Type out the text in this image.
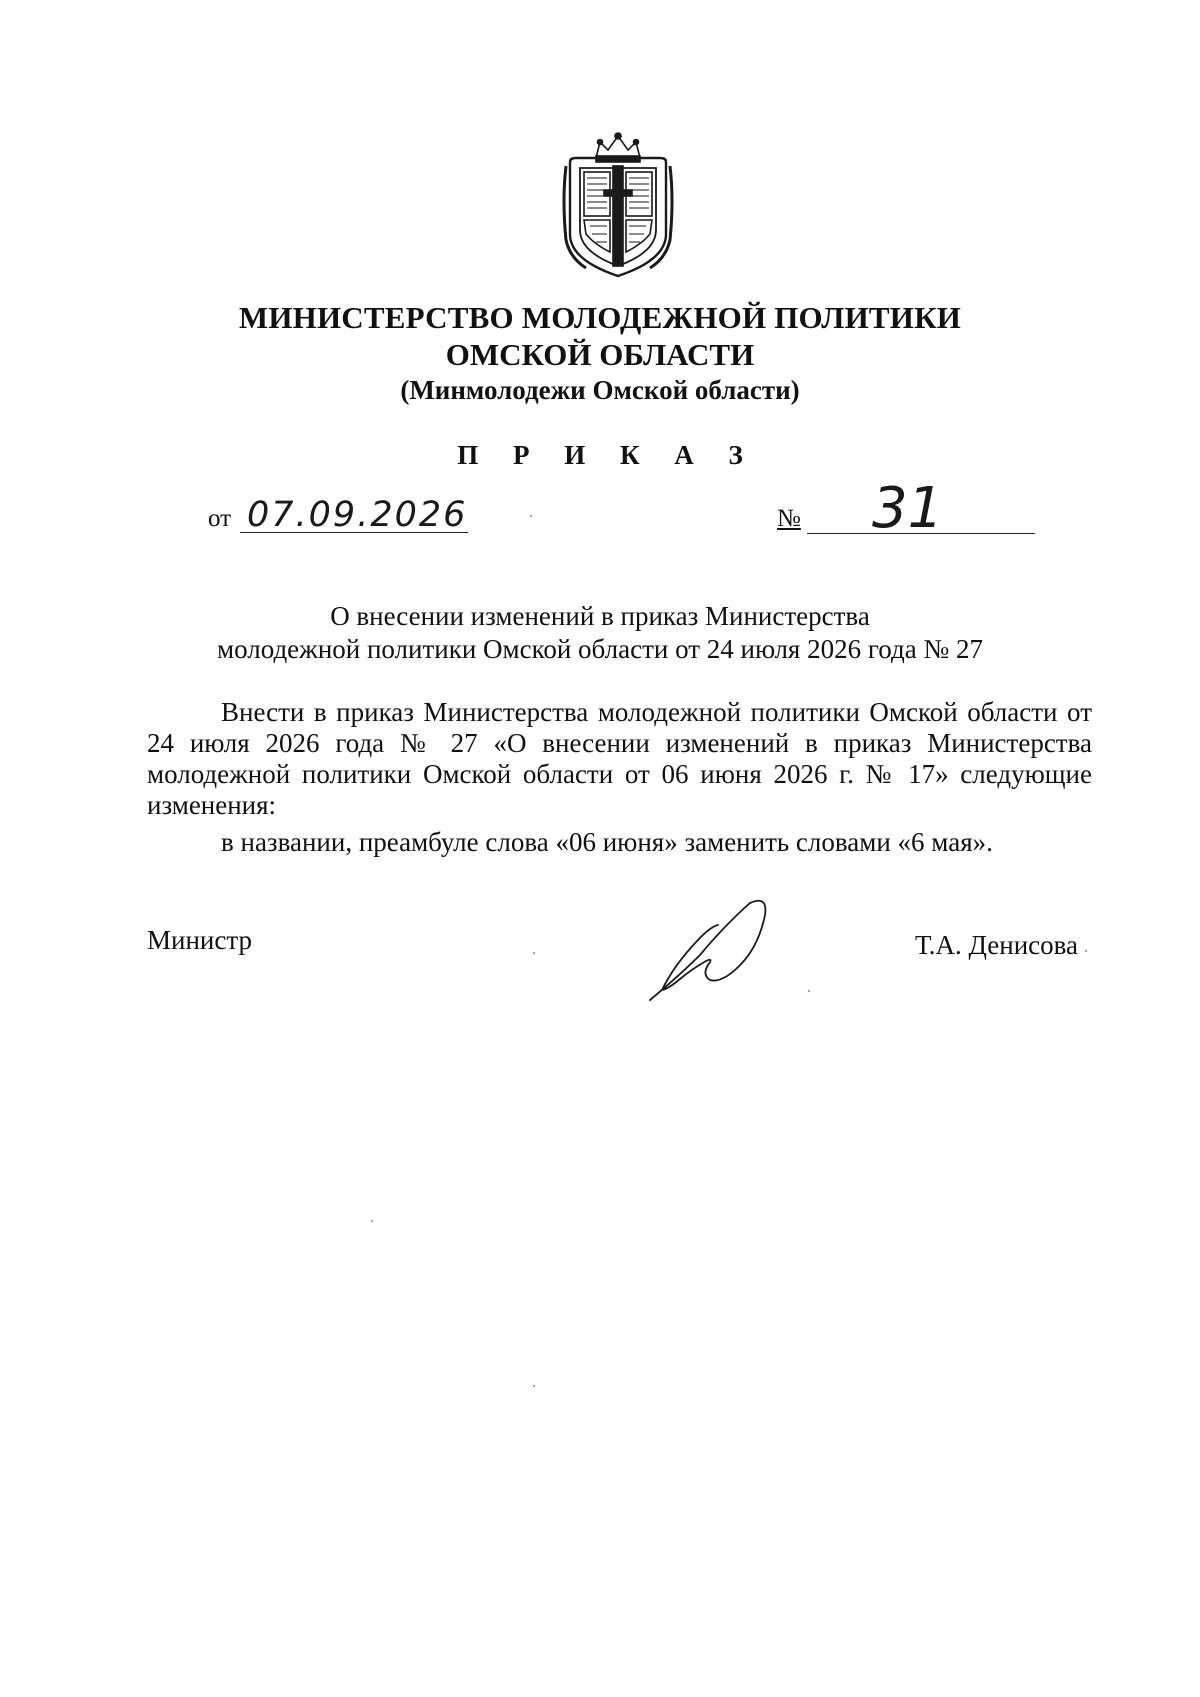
МИНИСТЕРСТВО МОЛОДЕЖНОЙ ПОЛИТИКИ
ОМСКОЙ ОБЛАСТИ
(Минмолодежи Омской области)
П Р И К А З
от 07.09.2026	№ 31
О внесении изменений в приказ Министерства
молодежной политики Омской области от 24 июля 2026 года № 27
Внести в приказ Министерства молодежной политики Омской области от 24 июля 2026 года № 27 «О внесении изменений в приказ Министерства молодежной политики Омской области от 06 июня 2026 г. № 17» следующие изменения:
в названии, преамбуле слова «06 июня» заменить словами «6 мая».
Министр	Т.А. Денисова
